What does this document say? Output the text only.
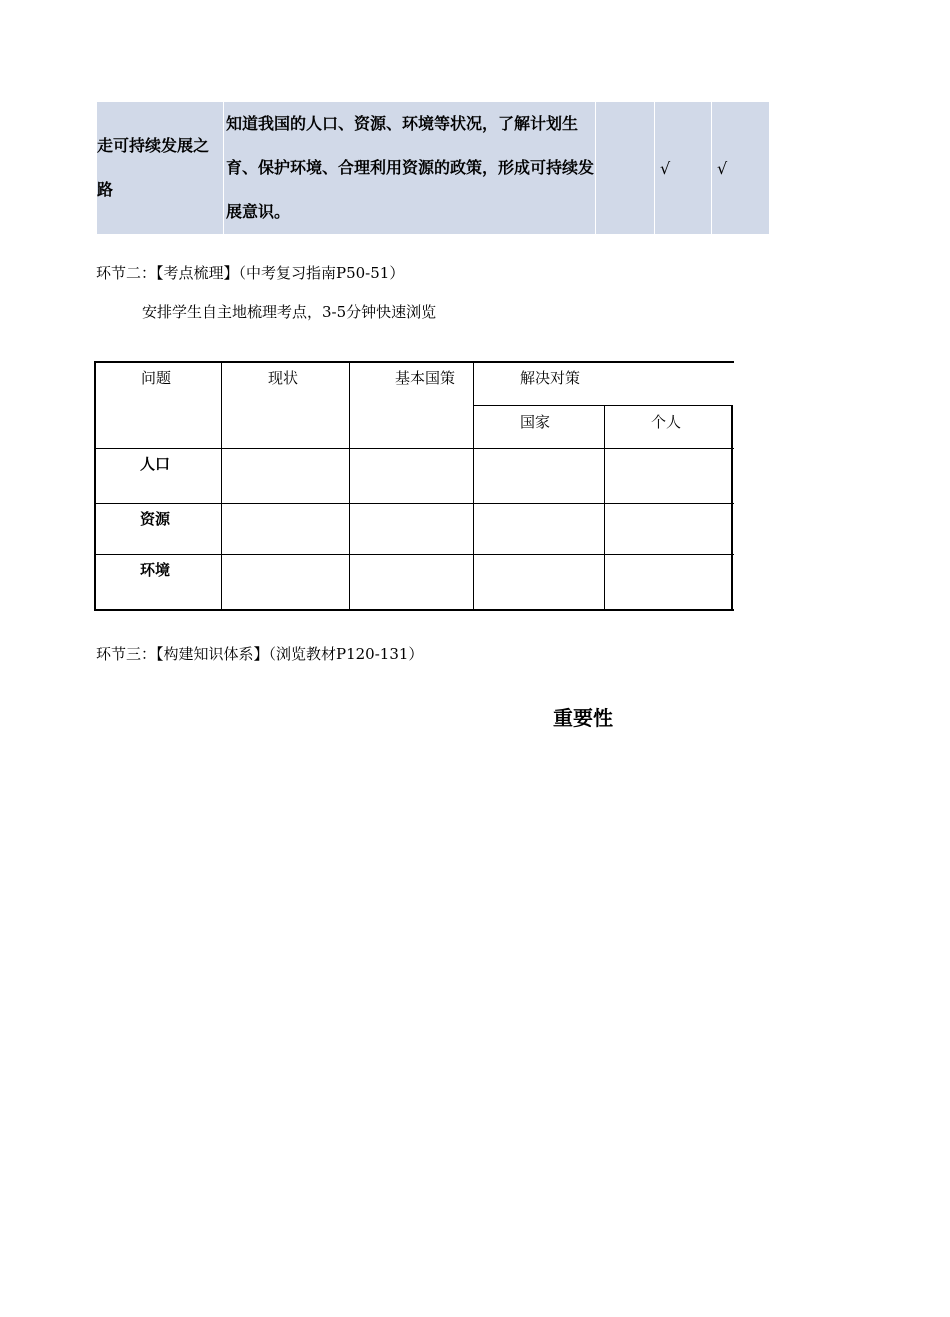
走可持续发展之路	知道我国的人口、资源、环境等状况，了解计划生育、保护环境、合理利用资源的政策，形成可持续发展意识。		√	√
环节二：【考点梳理】（中考复习指南P50-51）
安排学生自主地梳理考点，3-5分钟快速浏览
问题	现状	基本国策	解决对策
国家	个人
人口
资源
环境
环节三：【构建知识体系】（浏览教材P120-131）
重要性
